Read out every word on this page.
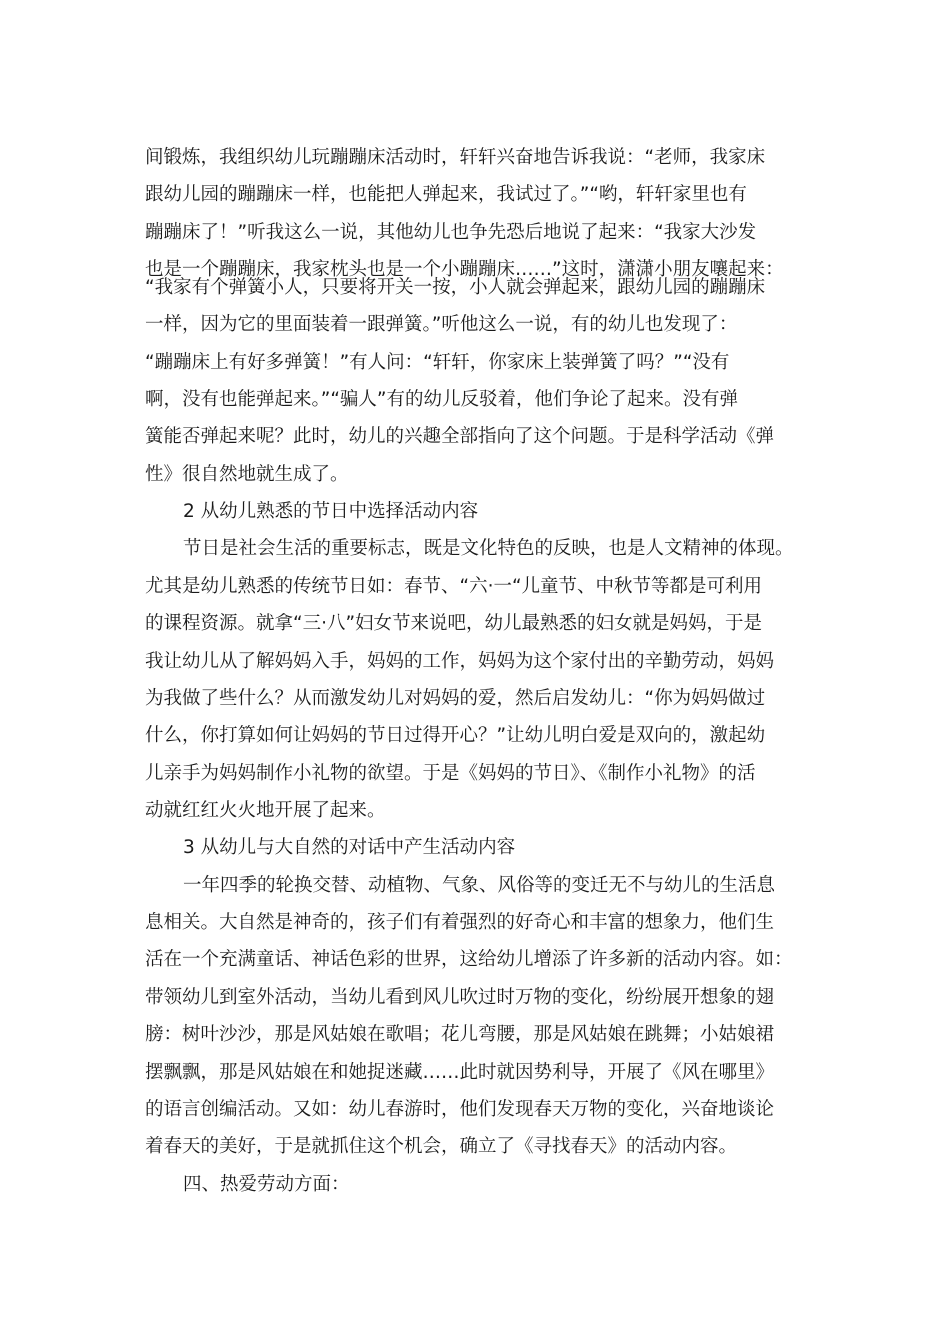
间锻炼，我组织幼儿玩蹦蹦床活动时，轩轩兴奋地告诉我说：“老师，我家床
跟幼儿园的蹦蹦床一样，也能把人弹起来，我试过了。”“哟，轩轩家里也有
蹦蹦床了！”听我这么一说，其他幼儿也争先恐后地说了起来：“我家大沙发
也是一个蹦蹦床，我家枕头也是一个小蹦蹦床……”这时，潇潇小朋友嚷起来：
“我家有个弹簧小人，只要将开关一按，小人就会弹起来，跟幼儿园的蹦蹦床
一样，因为它的里面装着一跟弹簧。”听他这么一说，有的幼儿也发现了：
“蹦蹦床上有好多弹簧！”有人问：“轩轩，你家床上装弹簧了吗？”“没有
啊，没有也能弹起来。”“骗人”有的幼儿反驳着，他们争论了起来。没有弹
簧能否弹起来呢？此时，幼儿的兴趣全部指向了这个问题。于是科学活动《弹
性》很自然地就生成了。
2 从幼儿熟悉的节日中选择活动内容
节日是社会生活的重要标志，既是文化特色的反映，也是人文精神的体现。
尤其是幼儿熟悉的传统节日如：春节、“六·一“儿童节、中秋节等都是可利用
的课程资源。就拿“三·八”妇女节来说吧，幼儿最熟悉的妇女就是妈妈，于是
我让幼儿从了解妈妈入手，妈妈的工作，妈妈为这个家付出的辛勤劳动，妈妈
为我做了些什么？从而激发幼儿对妈妈的爱，然后启发幼儿：“你为妈妈做过
什么，你打算如何让妈妈的节日过得开心？”让幼儿明白爱是双向的，激起幼
儿亲手为妈妈制作小礼物的欲望。于是《妈妈的节日》、《制作小礼物》的活
动就红红火火地开展了起来。
3 从幼儿与大自然的对话中产生活动内容
一年四季的轮换交替、动植物、气象、风俗等的变迁无不与幼儿的生活息
息相关。大自然是神奇的，孩子们有着强烈的好奇心和丰富的想象力，他们生
活在一个充满童话、神话色彩的世界，这给幼儿增添了许多新的活动内容。如：
带领幼儿到室外活动，当幼儿看到风儿吹过时万物的变化，纷纷展开想象的翅
膀：树叶沙沙，那是风姑娘在歌唱；花儿弯腰，那是风姑娘在跳舞；小姑娘裙
摆飘飘，那是风姑娘在和她捉迷藏……此时就因势利导，开展了《风在哪里》
的语言创编活动。又如：幼儿春游时，他们发现春天万物的变化，兴奋地谈论
着春天的美好，于是就抓住这个机会，确立了《寻找春天》的活动内容。
四、热爱劳动方面：
